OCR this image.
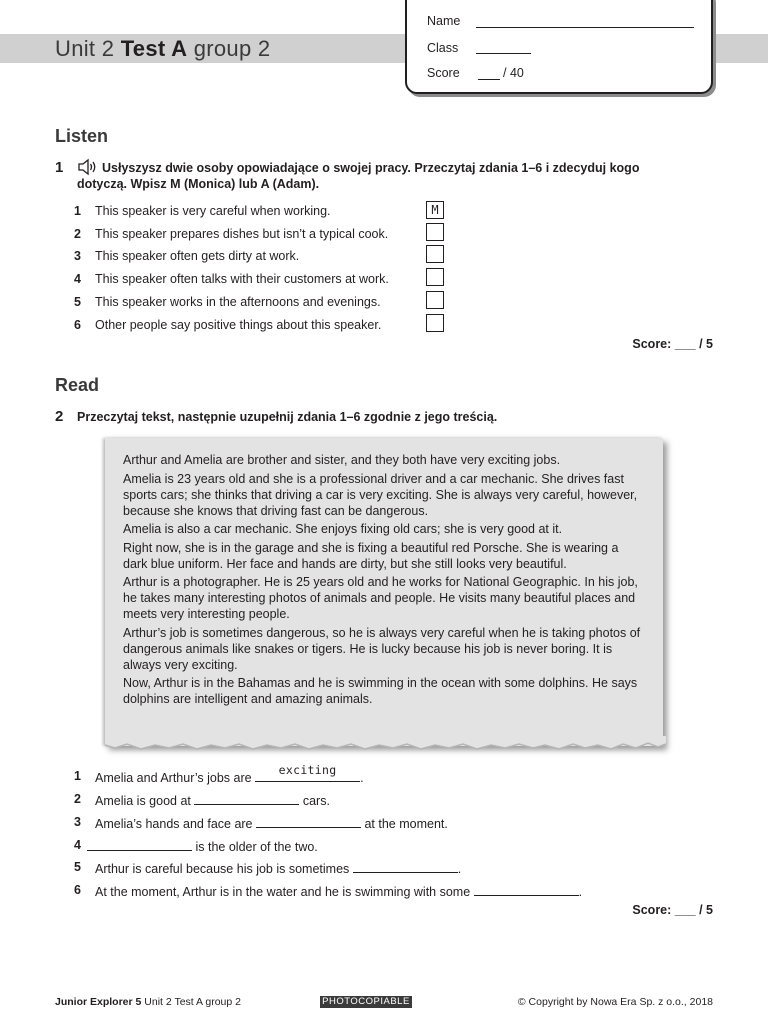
Unit 2 Test A group 2
Name
Class
Score	/ 40
Listen
1	Usłyszysz dwie osoby opowiadające o swojej pracy. Przeczytaj zdania 1–6 i zdecyduj kogo
dotyczą. Wpisz M (Monica) lub A (Adam).
1 This speaker is very careful when working.	M
2 This speaker prepares dishes but isn’t a typical cook.
3 This speaker often gets dirty at work.
4 This speaker often talks with their customers at work.
5 This speaker works in the afternoons and evenings.
6 Other people say positive things about this speaker.
Score: ___ / 5
Read
2 Przeczytaj tekst, następnie uzupełnij zdania 1–6 zgodnie z jego treścią.

Arthur and Amelia are brother and sister, and they both have very exciting jobs.

Amelia is 23 years old and she is a professional driver and a car mechanic. She drives fast sports cars; she thinks that driving a car is very exciting. She is always very careful, however, because she knows that driving fast can be dangerous.

Amelia is also a car mechanic. She enjoys fixing old cars; she is very good at it.

Right now, she is in the garage and she is fixing a beautiful red Porsche. She is wearing a dark blue uniform. Her face and hands are dirty, but she still looks very beautiful.

Arthur is a photographer. He is 25 years old and he works for National Geographic. In his job, he takes many interesting photos of animals and people. He visits many beautiful places and meets very interesting people.

Arthur’s job is sometimes dangerous, so he is always very careful when he is taking photos of dangerous animals like snakes or tigers. He is lucky because his job is never boring. It is always very exciting.

Now, Arthur is in the Bahamas and he is swimming in the ocean with some dolphins. He says dolphins are intelligent and amazing animals.

1 Amelia and Arthur’s jobs are
exciting
.
2 Amelia is good at	cars.
3 Amelia’s hands and face are	at the moment.
4	is the older of the two.
5 Arthur is careful because his job is sometimes	.
6 At the moment, Arthur is in the water and he is swimming with some	.
Score: ___ / 5
Junior Explorer 5 Unit 2 Test A group 2	PHOTOCOPIABLE	© Copyright by Nowa Era Sp. z o.o., 2018
